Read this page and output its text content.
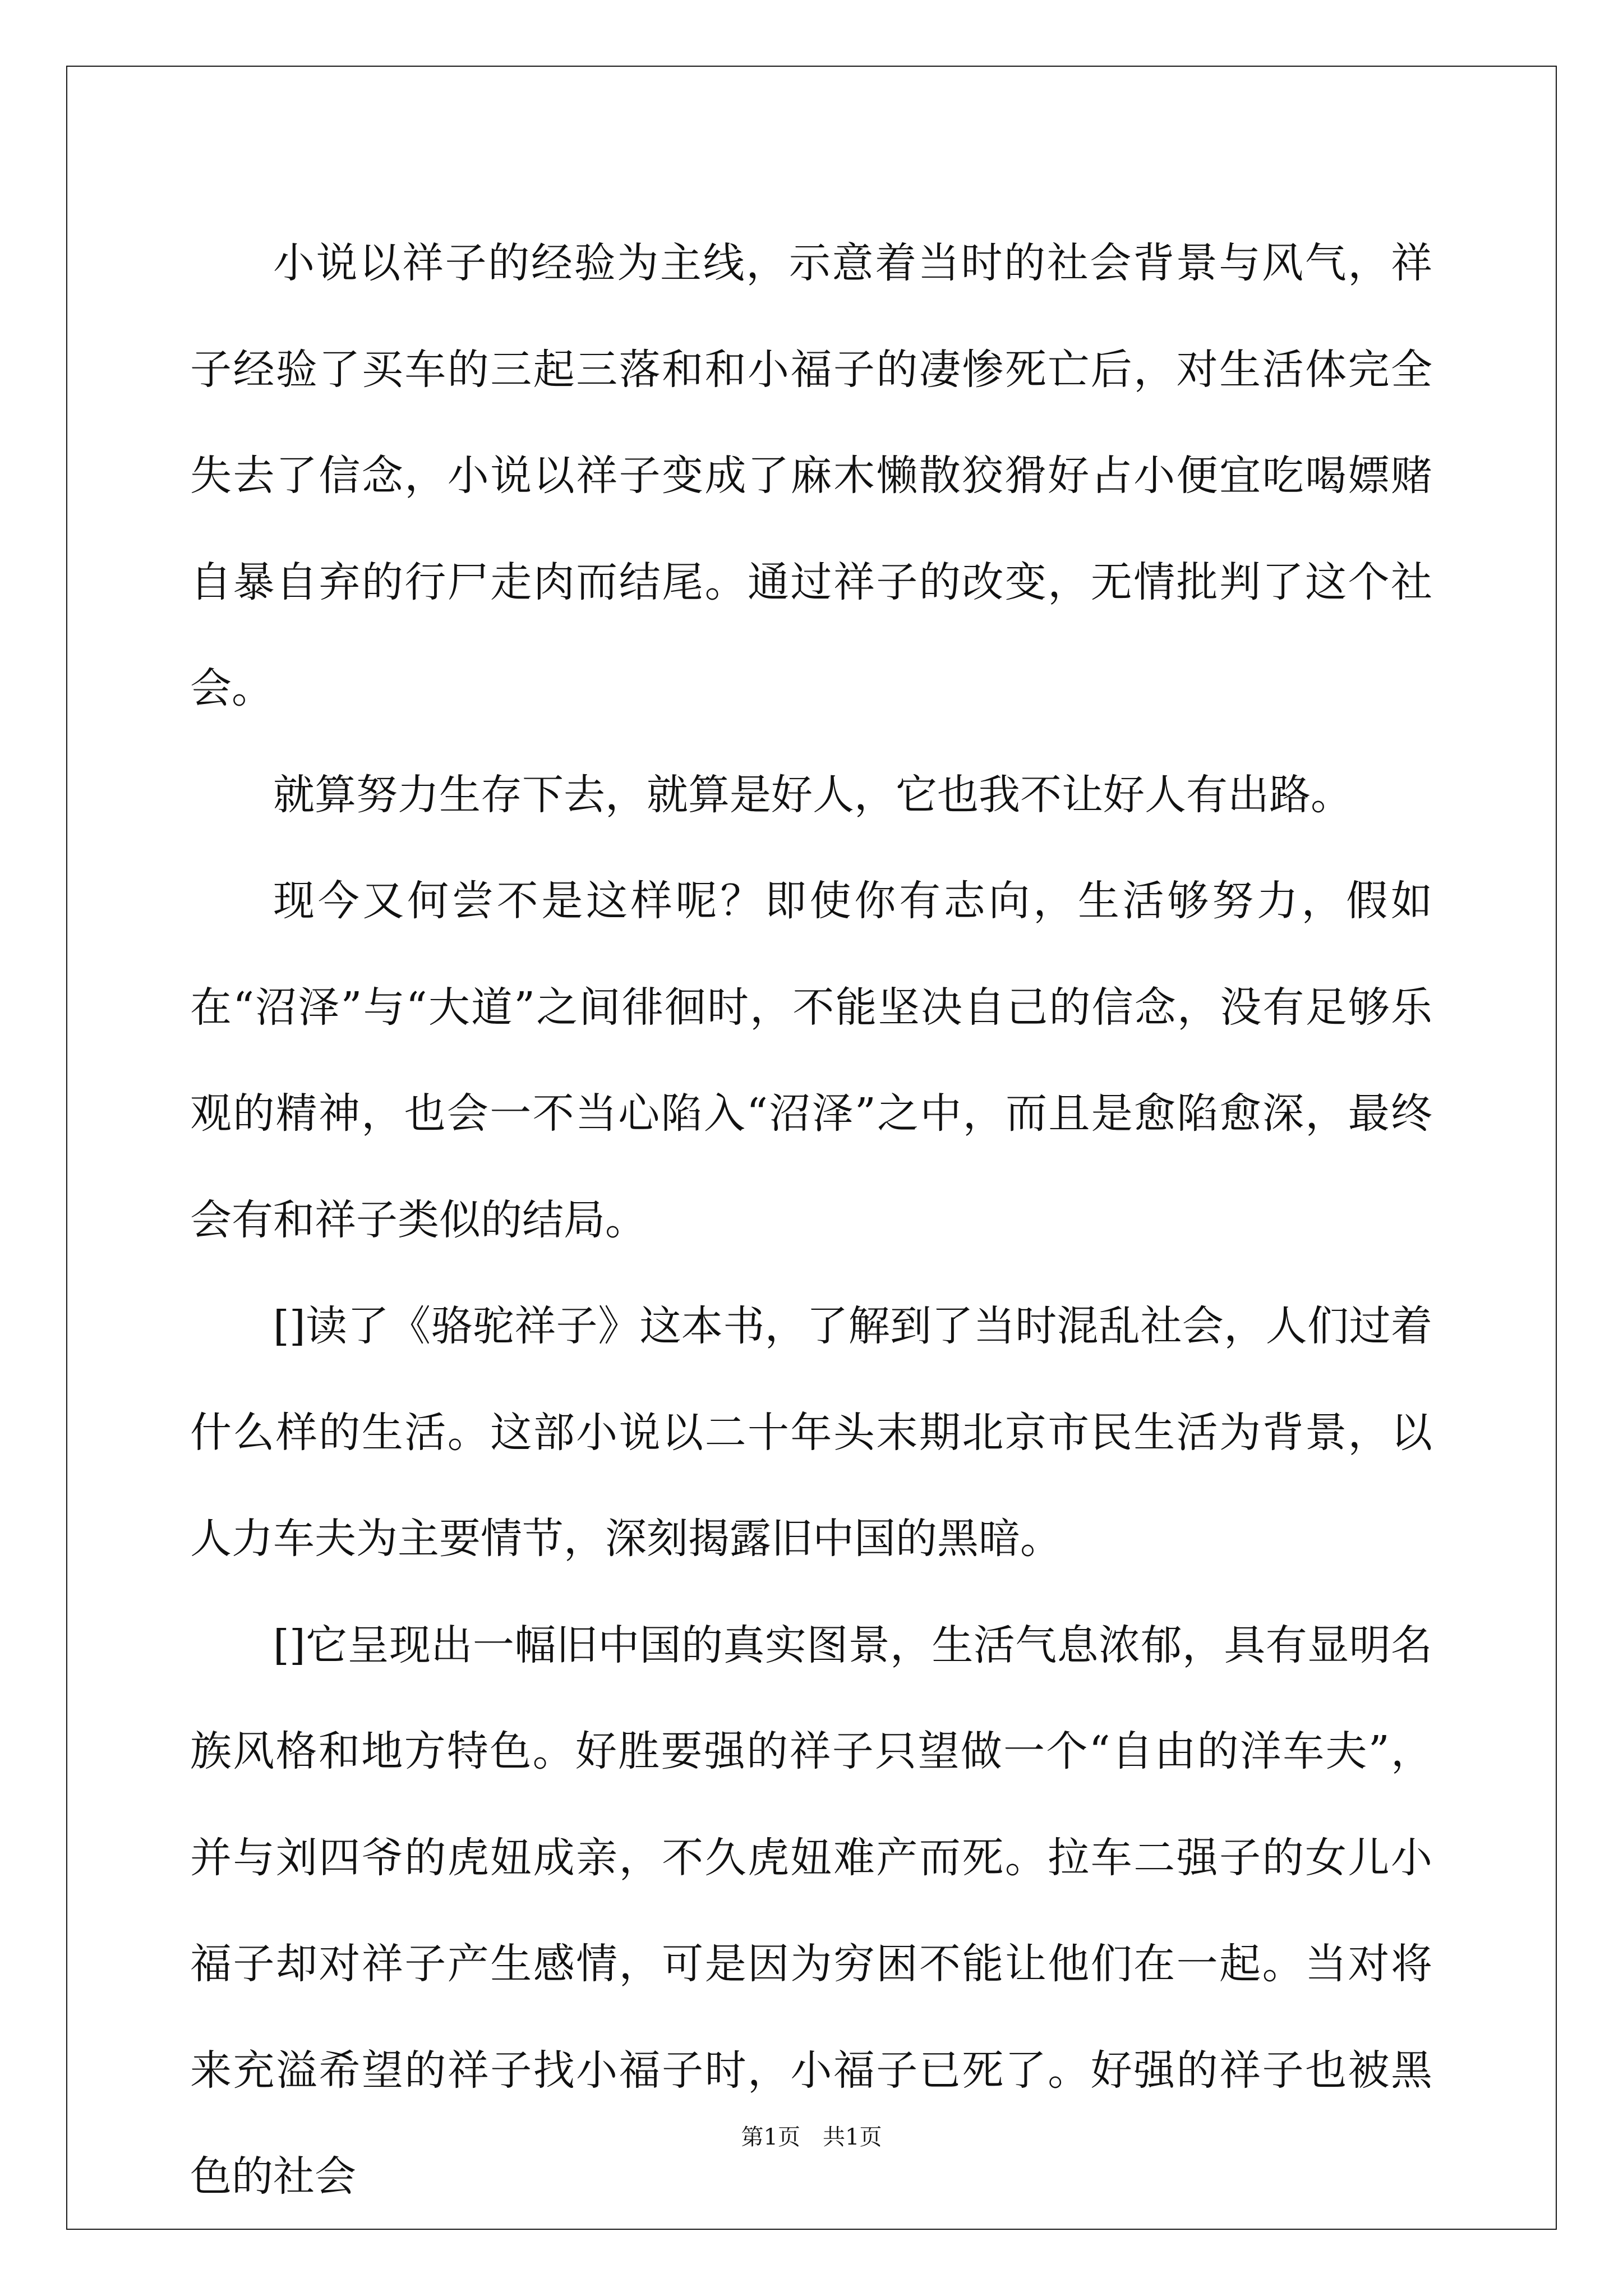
小说以祥子的经验为主线，示意着当时的社会背景与风气，祥子经验了买车的三起三落和和小福子的凄惨死亡后，对生活体完全失去了信念，小说以祥子变成了麻木懒散狡猾好占小便宜吃喝嫖赌自暴自弃的行尸走肉而结尾。通过祥子的改变，无情批判了这个社会。

就算努力生存下去，就算是好人，它也我不让好人有出路。

现今又何尝不是这样呢？即使你有志向，生活够努力，假如在“沼泽”与“大道”之间徘徊时，不能坚决自己的信念，没有足够乐观的精神，也会一不当心陷入“沼泽”之中，而且是愈陷愈深，最终会有和祥子类似的结局。

[]读了《骆驼祥子》这本书，了解到了当时混乱社会，人们过着什么样的生活。这部小说以二十年头末期北京市民生活为背景，以人力车夫为主要情节，深刻揭露旧中国的黑暗。

[]它呈现出一幅旧中国的真实图景，生活气息浓郁，具有显明名族风格和地方特色。好胜要强的祥子只望做一个“自由的洋车夫”，并与刘四爷的虎妞成亲，不久虎妞难产而死。拉车二强子的女儿小福子却对祥子产生感情，可是因为穷困不能让他们在一起。当对将来充溢希望的祥子找小福子时，小福子已死了。好强的祥子也被黑色的社会

第1页　共1页
